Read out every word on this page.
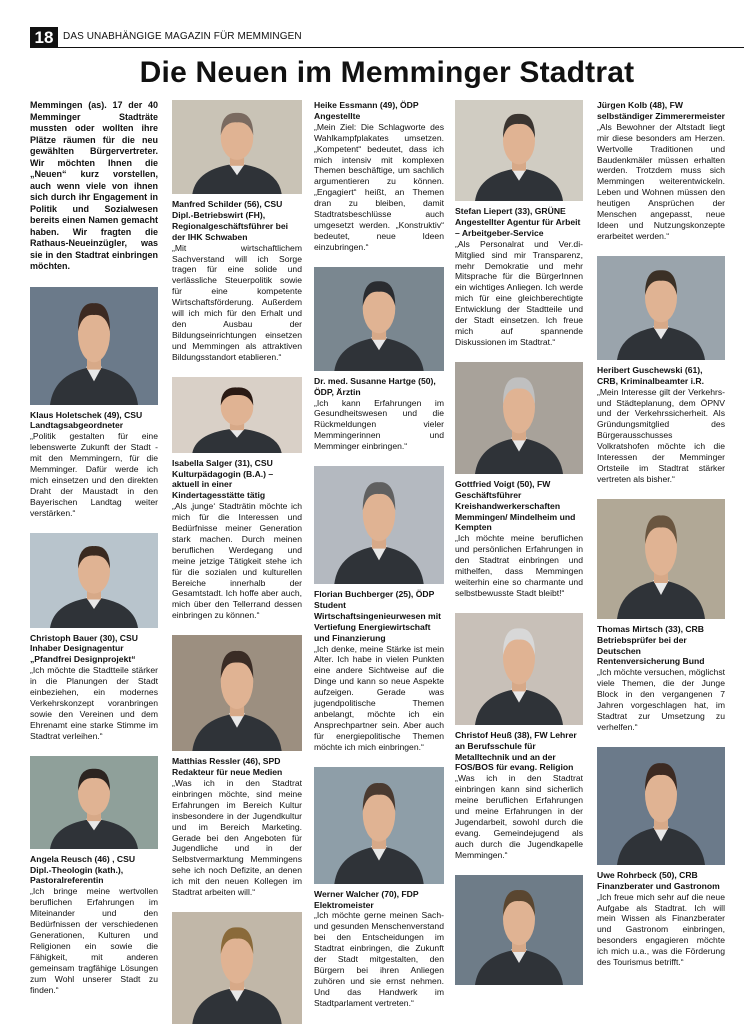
18 DAS UNABHÄNGIGE MAGAZIN FÜR MEMMINGEN
Die Neuen im Memminger Stadtrat

Memmingen (as). 17 der 40 Memminger Stadträte mussten oder wollten ihre Plätze räumen für die neu gewählten Bürgervertreter. Wir möchten Ihnen die „Neuen“ kurz vorstellen, auch wenn viele von ihnen sich durch ihr Engagement in Politik und Sozialwesen bereits einen Namen gemacht haben. Wir fragten die Rathaus-Neueinzügler, was sie in den Stadtrat einbringen möchten.

Klaus Holetschek (49), CSU Landtagsabgeordneter
„Politik gestalten für eine lebenswerte Zukunft der Stadt - mit den Memmingern, für die Memminger. Dafür werde ich mich einsetzen und den direkten Draht der Maustadt in den Bayerischen Landtag weiter verstärken.“
Christoph Bauer (30), CSU Inhaber Designagentur „Pfandfrei Designprojekt“
„Ich möchte die Stadtteile stärker in die Planungen der Stadt einbeziehen, ein modernes Verkehrskonzept voranbringen sowie den Vereinen und dem Ehrenamt eine starke Stimme im Stadtrat verleihen.“
Angela Reusch (46) , CSU Dipl.-Theologin (kath.), Pastoralreferentin
„Ich bringe meine wertvollen beruflichen Erfahrungen im Miteinander und den Bedürfnissen der verschiedenen Generationen, Kulturen und Religionen ein sowie die Fähigkeit, mit anderen gemeinsam tragfähige Lösungen zum Wohl unserer Stadt zu finden.“
Manfred Schilder (56), CSU Dipl.-Betriebswirt (FH), Regionalgeschäftsführer bei der IHK Schwaben
„Mit wirtschaftlichem Sachverstand will ich Sorge tragen für eine solide und verlässliche Steuerpolitik sowie für eine kompetente Wirtschaftsförderung. Außerdem will ich mich für den Erhalt und den Ausbau der Bildungseinrichtungen einsetzen und Memmingen als attraktiven Bildungsstandort etablieren.“
Isabella Salger (31), CSU Kulturpädagogin (B.A.) – aktuell in einer Kindertagesstätte tätig
„Als ‚junge‘ Stadträtin möchte ich mich für die Interessen und Bedürfnisse meiner Generation stark machen. Durch meinen beruflichen Werdegang und meine jetzige Tätigkeit stehe ich für die sozialen und kulturellen Bereiche innerhalb der Gesamtstadt. Ich hoffe aber auch, mich über den Tellerrand dessen einbringen zu können.“
Matthias Ressler (46), SPD Redakteur für neue Medien
„Was ich in den Stadtrat einbringen möchte, sind meine Erfahrungen im Bereich Kultur insbesondere in der Jugendkultur und im Bereich Marketing. Gerade bei den Angeboten für Jugendliche und in der Selbstvermarktung Memmingens sehe ich noch Defizite, an denen ich mit den neuen Kollegen im Stadtrat arbeiten will.“
Heike Essmann (49), ÖDP Angestellte
„Mein Ziel: Die Schlagworte des Wahlkampfplakates umsetzen. „Kompetent“ bedeutet, dass ich mich intensiv mit komplexen Themen beschäftige, um sachlich argumentieren zu können. „Engagiert“ heißt, an Themen dran zu bleiben, damit Stadtratsbeschlüsse auch umgesetzt werden. „Konstruktiv“ bedeutet, neue Ideen einzubringen.“
Dr. med. Susanne Hartge (50), ÖDP, Ärztin
„Ich kann Erfahrungen im Gesundheitswesen und die Rückmeldungen vieler Memmingerinnen und Memminger einbringen.“
Florian Buchberger (25), ÖDP Student Wirtschaftsingenieurwesen mit Vertiefung Energiewirtschaft und Finanzierung
„Ich denke, meine Stärke ist mein Alter. Ich habe in vielen Punkten eine andere Sichtweise auf die Dinge und kann so neue Aspekte aufzeigen. Gerade was jugendpolitische Themen anbelangt, möchte ich ein Ansprechpartner sein. Aber auch für energiepolitische Themen möchte ich mich einbringen.“
Werner Walcher (70), FDP Elektromeister
„Ich möchte gerne meinen Sach- und gesunden Menschenverstand bei den Entscheidungen im Stadtrat einbringen, die Zukunft der Stadt mitgestalten, den Bürgern bei ihren Anliegen zuhören und sie ernst nehmen. Und das Handwerk im Stadtparlament vertreten.“
Stefan Liepert (33), GRÜNE Angestellter Agentur für Arbeit – Arbeitgeber-Service
„Als Personalrat und Ver.di-Mitglied sind mir Transparenz, mehr Demokratie und mehr Mitsprache für die BürgerInnen ein wichtiges Anliegen. Ich werde mich für eine gleichberechtigte Entwicklung der Stadtteile und der Stadt einsetzen. Ich freue mich auf spannende Diskussionen im Stadtrat.“
Gottfried Voigt (50), FW Geschäftsführer Kreishandwerkerschaften Memmingen/ Mindelheim und Kempten
„Ich möchte meine beruflichen und persönlichen Erfahrungen in den Stadtrat einbringen und mithelfen, dass Memmingen weiterhin eine so charmante und selbstbewusste Stadt bleibt!“
Christof Heuß (38), FW Lehrer an Berufsschule für Metalltechnik und an der FOS/BOS für evang. Religion
„Was ich in den Stadtrat einbringen kann sind sicherlich meine beruflichen Erfahrungen und meine Erfahrungen in der Jugendarbeit, sowohl durch die evang. Gemeindejugend als auch durch die Jugendkapelle Memmingen.“
Jürgen Kolb (48), FW selbständiger Zimmerermeister
„Als Bewohner der Altstadt liegt mir diese besonders am Herzen. Wertvolle Traditionen und Baudenkmäler müssen erhalten werden. Trotzdem muss sich Memmingen weiterentwickeln. Leben und Wohnen müssen den heutigen Ansprüchen der Menschen angepasst, neue Ideen und Nutzungskonzepte erarbeitet werden.“
Heribert Guschewski (61), CRB, Kriminalbeamter i.R.
„Mein Interesse gilt der Verkehrs- und Städteplanung, dem ÖPNV und der Verkehrssicherheit. Als Gründungsmitglied des Bürgerausschusses Volkratshofen möchte ich die Interessen der Memminger Ortsteile im Stadtrat stärker vertreten als bisher.“
Thomas Mirtsch (33), CRB Betriebsprüfer bei der Deutschen Rentenversicherung Bund
„Ich möchte versuchen, möglichst viele Themen, die der Junge Block in den vergangenen 7 Jahren vorgeschlagen hat, im Stadtrat zur Umsetzung zu verhelfen.“
Uwe Rohrbeck (50), CRB Finanzberater und Gastronom
„Ich freue mich sehr auf die neue Aufgabe als Stadtrat. Ich will mein Wissen als Finanzberater und Gastronom einbringen, besonders engagieren möchte ich mich u.a., was die Förderung des Tourismus betrifft.“
